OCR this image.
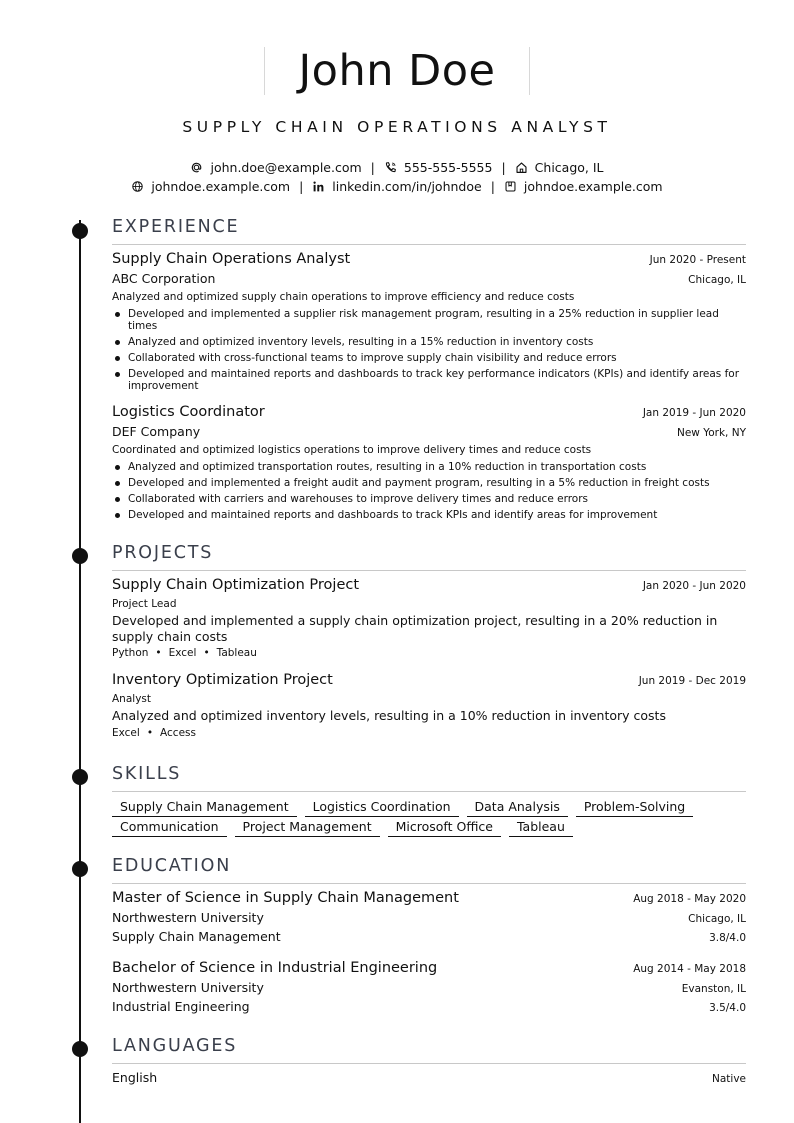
John Doe
SUPPLY CHAIN OPERATIONS ANALYST
john.doe@example.com | 555-555-5555 | Chicago, IL
johndoe.example.com | linkedin.com/in/johndoe | johndoe.example.com
EXPERIENCE
Supply Chain Operations Analyst	Jun 2020 - Present
ABC Corporation	Chicago, IL
Analyzed and optimized supply chain operations to improve efficiency and reduce costs
Developed and implemented a supplier risk management program, resulting in a 25% reduction in supplier lead times
Analyzed and optimized inventory levels, resulting in a 15% reduction in inventory costs
Collaborated with cross-functional teams to improve supply chain visibility and reduce errors
Developed and maintained reports and dashboards to track key performance indicators (KPIs) and identify areas for improvement
Logistics Coordinator	Jan 2019 - Jun 2020
DEF Company	New York, NY
Coordinated and optimized logistics operations to improve delivery times and reduce costs
Analyzed and optimized transportation routes, resulting in a 10% reduction in transportation costs
Developed and implemented a freight audit and payment program, resulting in a 5% reduction in freight costs
Collaborated with carriers and warehouses to improve delivery times and reduce errors
Developed and maintained reports and dashboards to track KPIs and identify areas for improvement
PROJECTS
Supply Chain Optimization Project	Jan 2020 - Jun 2020
Project Lead
Developed and implemented a supply chain optimization project, resulting in a 20% reduction in supply chain costs
Python • Excel • Tableau
Inventory Optimization Project	Jun 2019 - Dec 2019
Analyst
Analyzed and optimized inventory levels, resulting in a 10% reduction in inventory costs
Excel • Access
SKILLS
Supply Chain Management	Logistics Coordination	Data Analysis	Problem-Solving
Communication	Project Management	Microsoft Office	Tableau
EDUCATION
Master of Science in Supply Chain Management	Aug 2018 - May 2020
Northwestern University	Chicago, IL
Supply Chain Management	3.8/4.0
Bachelor of Science in Industrial Engineering	Aug 2014 - May 2018
Northwestern University	Evanston, IL
Industrial Engineering	3.5/4.0
LANGUAGES
English	Native
